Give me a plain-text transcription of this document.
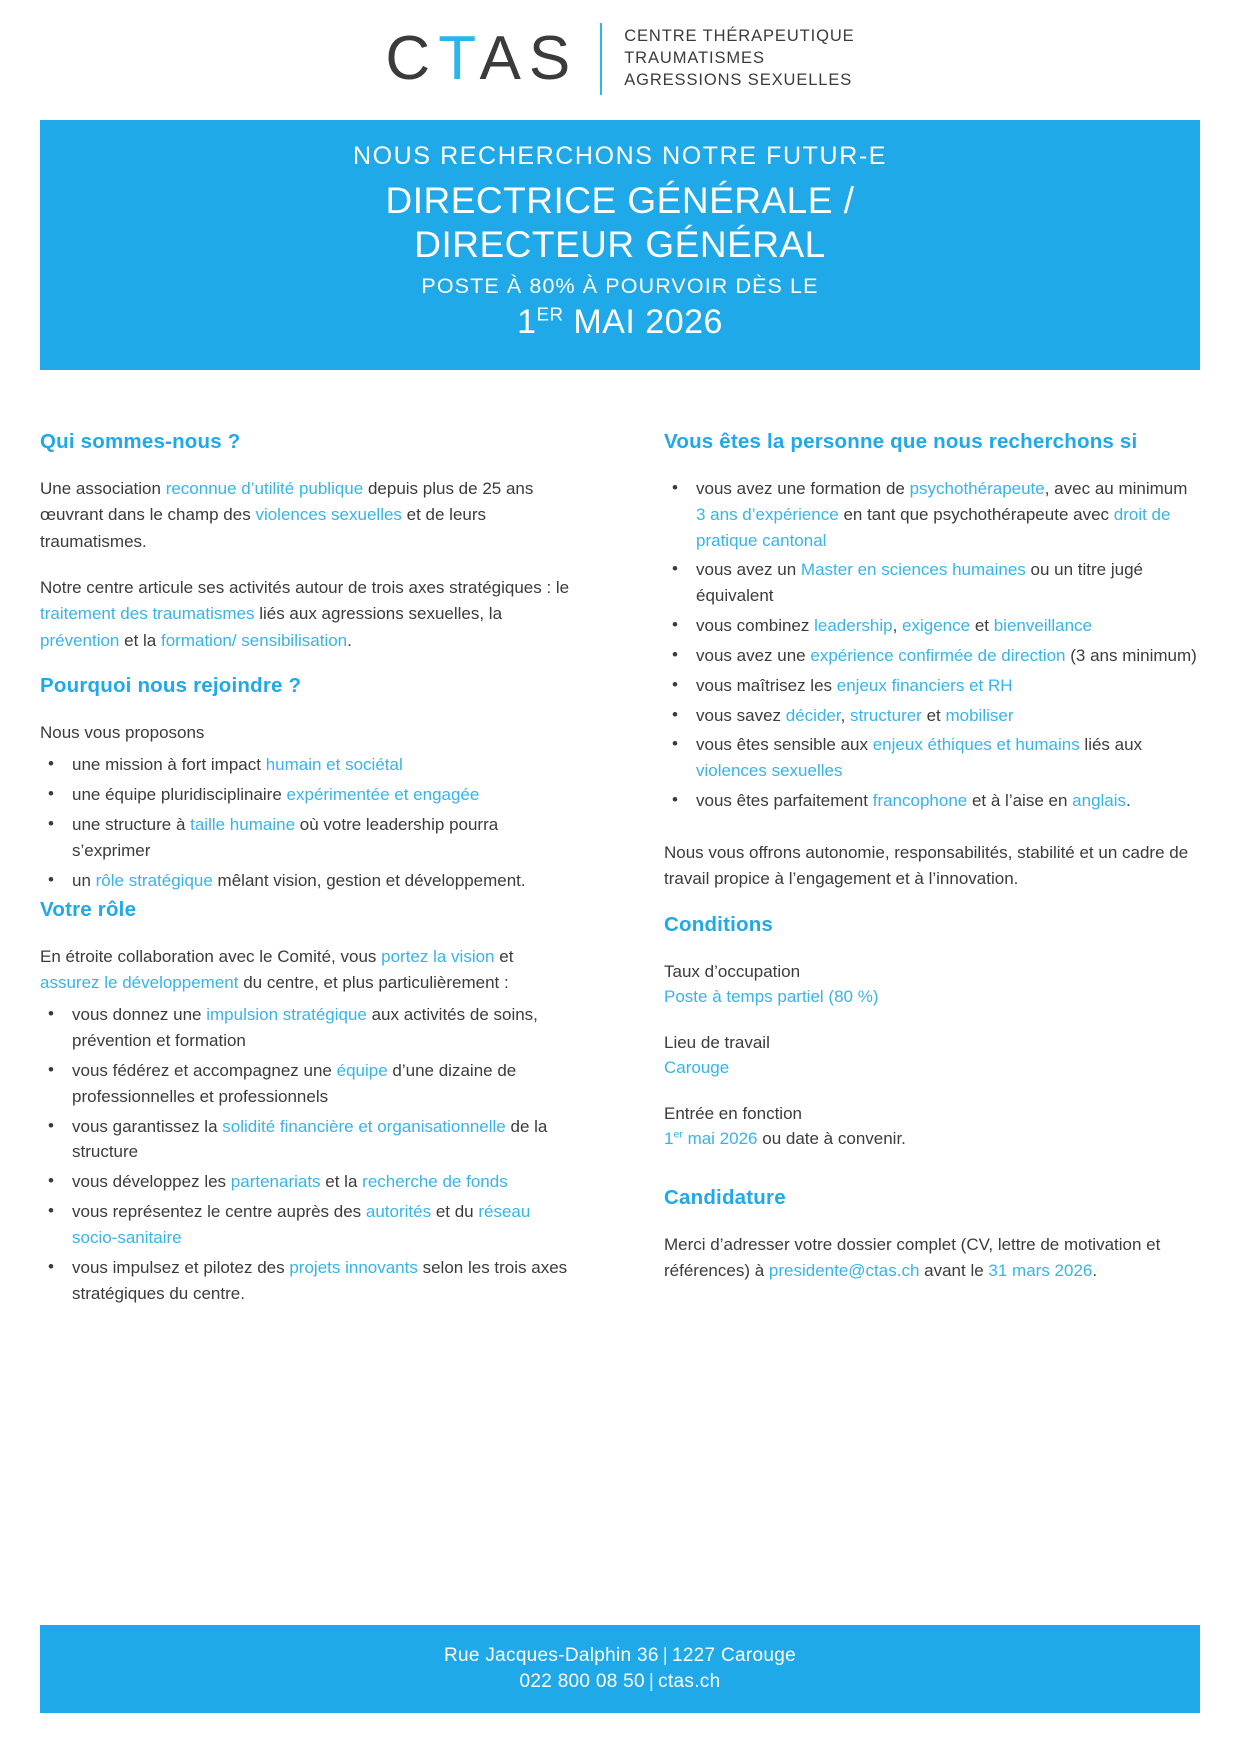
CTAS	CENTRE THÉRAPEUTIQUE
TRAUMATISMES
AGRESSIONS SEXUELLES

NOUS RECHERCHONS NOTRE FUTUR-E

DIRECTRICE GÉNÉRALE /
DIRECTEUR GÉNÉRAL

POSTE À 80% À POURVOIR DÈS LE

1ER MAI 2026

Qui sommes-nous ?

Une association reconnue d’utilité publique depuis plus de 25 ans œuvrant dans le champ des violences sexuelles et de leurs traumatismes.

Notre centre articule ses activités autour de trois axes stratégiques : le traitement des traumatismes liés aux agressions sexuelles, la prévention et la formation/ sensibilisation.

Pourquoi nous rejoindre ?

Nous vous proposons

• une mission à fort impact humain et sociétal
• une équipe pluridisciplinaire expérimentée et engagée
• une structure à taille humaine où votre leadership pourra s’exprimer
• un rôle stratégique mêlant vision, gestion et développement.
Votre rôle

En étroite collaboration avec le Comité, vous portez la vision et assurez le développement du centre, et plus particulièrement :

• vous donnez une impulsion stratégique aux activités de soins, prévention et formation
• vous fédérez et accompagnez une équipe d’une dizaine de professionnelles et professionnels
• vous garantissez la solidité financière et organisationnelle de la structure
• vous développez les partenariats et la recherche de fonds
• vous représentez le centre auprès des autorités et du réseau socio-sanitaire
• vous impulsez et pilotez des projets innovants selon les trois axes stratégiques du centre.
Vous êtes la personne que nous recherchons si
• vous avez une formation de psychothérapeute, avec au minimum 3 ans d’expérience en tant que psychothérapeute avec droit de pratique cantonal
• vous avez un Master en sciences humaines ou un titre jugé équivalent
• vous combinez leadership, exigence et bienveillance
• vous avez une expérience confirmée de direction (3 ans minimum)
• vous maîtrisez les enjeux financiers et RH
• vous savez décider, structurer et mobiliser
• vous êtes sensible aux enjeux éthiques et humains liés aux violences sexuelles
• vous êtes parfaitement francophone et à l’aise en anglais.

Nous vous offrons autonomie, responsabilités, stabilité et un cadre de travail propice à l’engagement et à l’innovation.

Conditions
Taux d’occupation
Poste à temps partiel (80 %)
Lieu de travail
Carouge
Entrée en fonction
1er mai 2026 ou date à convenir.
Candidature

Merci d’adresser votre dossier complet (CV, lettre de motivation et références) à presidente@ctas.ch avant le 31 mars 2026.

Rue Jacques-Dalphin 36 | 1227 Carouge
022 800 08 50 | ctas.ch
